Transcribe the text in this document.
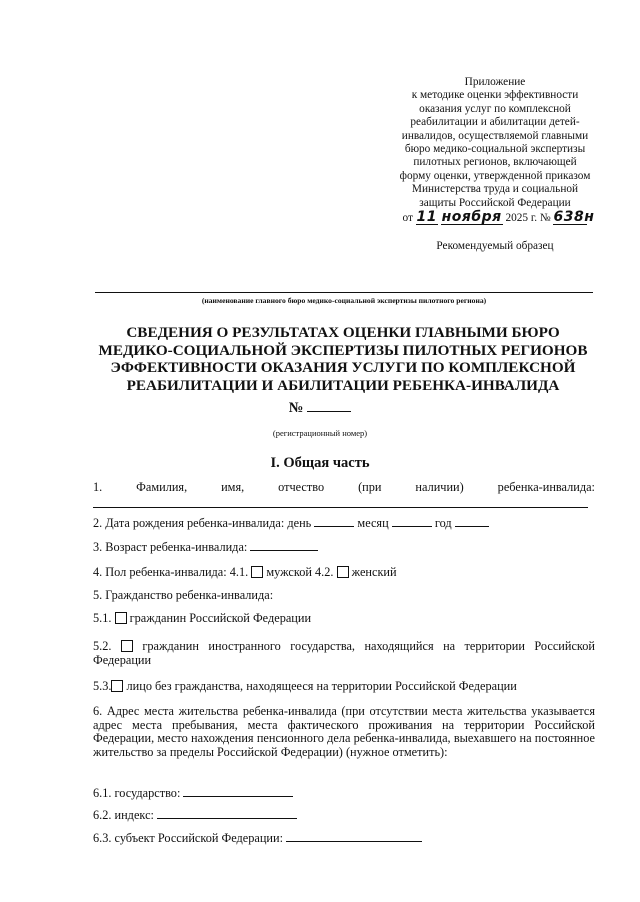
Приложение
к методике оценки эффективности
оказания услуг по комплексной
реабилитации и абилитации детей-
инвалидов, осуществляемой главными
бюро медико-социальной экспертизы
пилотных регионов, включающей
форму оценки, утвержденной приказом
Министерства труда и социальной
защиты Российской Федерации
от 11 ноября 2025 г. № 638н
Рекомендуемый образец
(наименование главного бюро медико-социальной экспертизы пилотного региона)
СВЕДЕНИЯ О РЕЗУЛЬТАТАХ ОЦЕНКИ ГЛАВНЫМИ БЮРО
МЕДИКО-СОЦИАЛЬНОЙ ЭКСПЕРТИЗЫ ПИЛОТНЫХ РЕГИОНОВ
ЭФФЕКТИВНОСТИ ОКАЗАНИЯ УСЛУГИ ПО КОМПЛЕКСНОЙ
РЕАБИЛИТАЦИИ И АБИЛИТАЦИИ РЕБЕНКА-ИНВАЛИДА
№
(регистрационный номер)
I. Общая часть
1.	Фамилия,	имя,	отчество	(при	наличии)	ребенка-инвалида:
2. Дата рождения ребенка-инвалида: день	месяц	год
3. Возраст ребенка-инвалида:
4. Пол ребенка-инвалида: 4.1. мужской 4.2. женский
5. Гражданство ребенка-инвалида:
5.1. гражданин Российской Федерации
5.2.	гражданин иностранного государства, находящийся на территории Российской Федерации
5.3. лицо без гражданства, находящееся на территории Российской Федерации
6. Адрес места жительства ребенка-инвалида (при отсутствии места жительства указывается адрес места пребывания, места фактического проживания на территории Российской Федерации, место нахождения пенсионного дела ребенка-инвалида, выехавшего на постоянное жительство за пределы Российской Федерации) (нужное отметить):
6.1. государство:
6.2. индекс:
6.3. субъект Российской Федерации:
